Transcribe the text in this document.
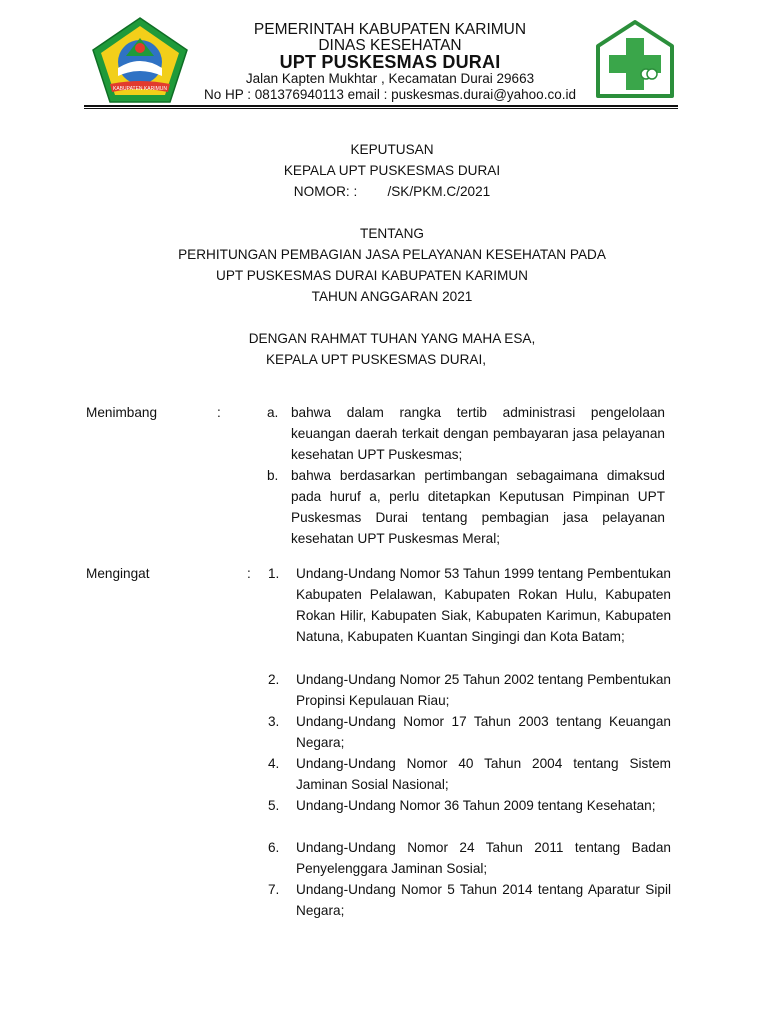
KABUPATEN KARIMUN
PEMERINTAH KABUPATEN KARIMUN
DINAS KESEHATAN
UPT PUSKESMAS DURAI
Jalan Kapten Mukhtar , Kecamatan Durai 29663
No HP : 081376940113 email : puskesmas.durai@yahoo.co.id
KEPUTUSAN
KEPALA UPT PUSKESMAS DURAI
NOMOR: :        /SK/PKM.C/2021
TENTANG
PERHITUNGAN PEMBAGIAN JASA PELAYANAN KESEHATAN PADA
UPT PUSKESMAS DURAI KABUPATEN KARIMUN
TAHUN ANGGARAN 2021
DENGAN RAHMAT TUHAN YANG MAHA ESA,
KEPALA UPT PUSKESMAS DURAI,
Menimbang	:	a. bahwa dalam rangka tertib administrasi pengelolaan keuangan daerah terkait dengan pembayaran jasa pelayanan kesehatan UPT Puskesmas;
b. bahwa berdasarkan pertimbangan sebagaimana dimaksud pada huruf a, perlu ditetapkan Keputusan Pimpinan UPT Puskesmas Durai tentang pembagian jasa pelayanan kesehatan UPT Puskesmas Meral;
Mengingat	: 1. Undang-Undang Nomor 53 Tahun 1999 tentang Pembentukan Kabupaten Pelalawan, Kabupaten Rokan Hulu, Kabupaten Rokan Hilir, Kabupaten Siak, Kabupaten Karimun, Kabupaten Natuna, Kabupaten Kuantan Singingi dan Kota Batam;
2. Undang-Undang Nomor 25 Tahun 2002 tentang Pembentukan Propinsi Kepulauan Riau;
3. Undang-Undang Nomor 17 Tahun 2003 tentang Keuangan Negara;
4. Undang-Undang Nomor 40 Tahun 2004 tentang Sistem Jaminan Sosial Nasional;
5. Undang-Undang Nomor 36 Tahun 2009 tentang Kesehatan;
6. Undang-Undang Nomor 24 Tahun 2011 tentang Badan Penyelenggara Jaminan Sosial;
7. Undang-Undang Nomor 5 Tahun 2014 tentang Aparatur Sipil Negara;
